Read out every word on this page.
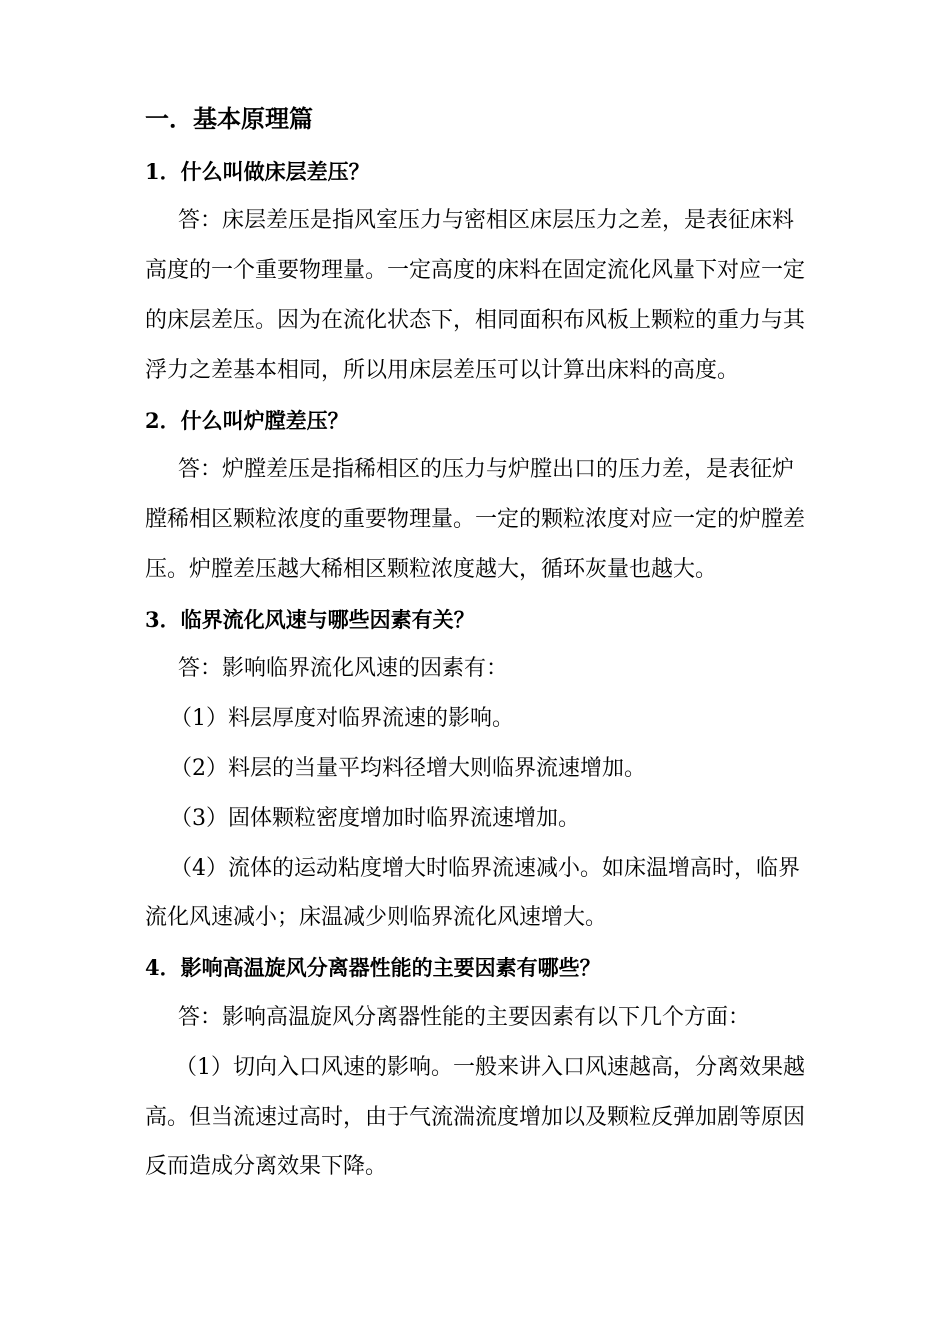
一．基本原理篇
1．什么叫做床层差压？
答：床层差压是指风室压力与密相区床层压力之差，是表征床料
高度的一个重要物理量。一定高度的床料在固定流化风量下对应一定
的床层差压。因为在流化状态下，相同面积布风板上颗粒的重力与其
浮力之差基本相同，所以用床层差压可以计算出床料的高度。
2．什么叫炉膛差压？
答：炉膛差压是指稀相区的压力与炉膛出口的压力差，是表征炉
膛稀相区颗粒浓度的重要物理量。一定的颗粒浓度对应一定的炉膛差
压。炉膛差压越大稀相区颗粒浓度越大，循环灰量也越大。
3．临界流化风速与哪些因素有关？
答：影响临界流化风速的因素有：
（1）料层厚度对临界流速的影响。
（2）料层的当量平均料径增大则临界流速增加。
（3）固体颗粒密度增加时临界流速增加。
（4）流体的运动粘度增大时临界流速减小。如床温增高时，临界
流化风速减小；床温减少则临界流化风速增大。
4．影响高温旋风分离器性能的主要因素有哪些？
答：影响高温旋风分离器性能的主要因素有以下几个方面：
（1）切向入口风速的影响。一般来讲入口风速越高，分离效果越
高。但当流速过高时，由于气流湍流度增加以及颗粒反弹加剧等原因
反而造成分离效果下降。
